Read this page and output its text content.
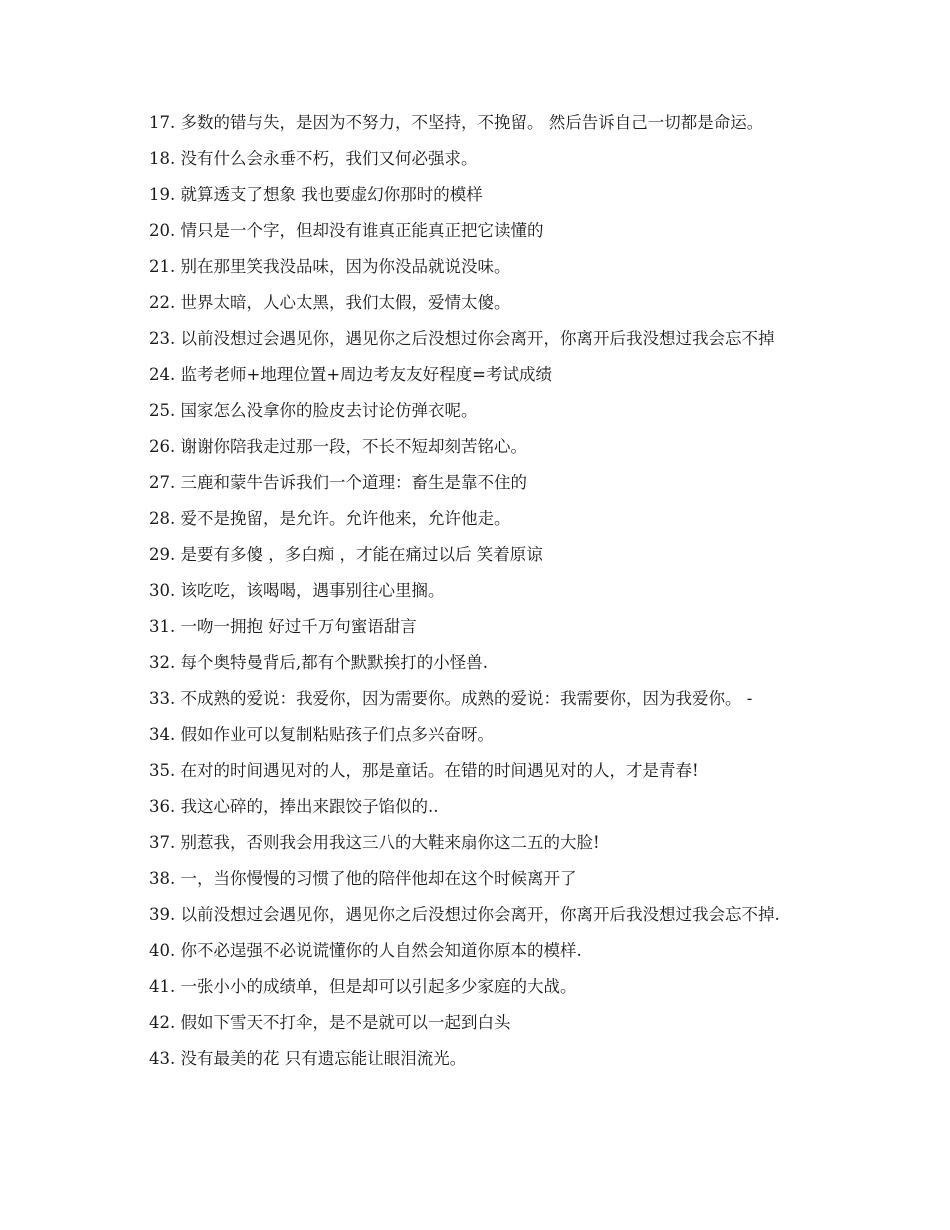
17 . 多数的错与失，是因为不努力，不坚持，不挽留。 然后告诉自己一切都是命运。
18 . 没有什么会永垂不朽，我们又何必强求。
19 . 就算透支了想象 我也要虚幻你那时的模样
20 . 情只是一个字，但却没有谁真正能真正把它读懂的
21 . 别在那里笑我没品味，因为你没品就说没味。
22 . 世界太暗，人心太黑，我们太假，爱情太傻。
23 . 以前没想过会遇见你，遇见你之后没想过你会离开，你离开后我没想过我会忘不掉
24 . 监考老师+地理位置+周边考友友好程度=考试成绩
25 . 国家怎么没拿你的脸皮去讨论仿弹衣呢。
26 . 谢谢你陪我走过那一段，不长不短却刻苦铭心。
27 . 三鹿和蒙牛告诉我们一个道理：畜生是靠不住的
28 . 爱不是挽留，是允许。允许他来，允许他走。
29 . 是要有多傻 ，多白痴 ，才能在痛过以后 笑着原谅
30 . 该吃吃，该喝喝，遇事别往心里搁。
31 . 一吻一拥抱 好过千万句蜜语甜言
32 . 每个奥特曼背后,都有个默默挨打的小怪兽.
33 . 不成熟的爱说：我爱你，因为需要你。成熟的爱说：我需要你，因为我爱你。 -
34 . 假如作业可以复制粘贴孩子们点多兴奋呀。
35 . 在对的时间遇见对的人，那是童话。在错的时间遇见对的人，才是青春!
36 . 我这心碎的，捧出来跟饺子馅似的..
37 . 别惹我，否则我会用我这三八的大鞋来扇你这二五的大脸!
38 . 一，当你慢慢的习惯了他的陪伴他却在这个时候离开了
39 . 以前没想过会遇见你，遇见你之后没想过你会离开，你离开后我没想过我会忘不掉.
40 . 你不必逞强不必说谎懂你的人自然会知道你原本的模样.
41 . 一张小小的成绩单，但是却可以引起多少家庭的大战。
42 . 假如下雪天不打伞，是不是就可以一起到白头
43 . 没有最美的花 只有遗忘能让眼泪流光。
